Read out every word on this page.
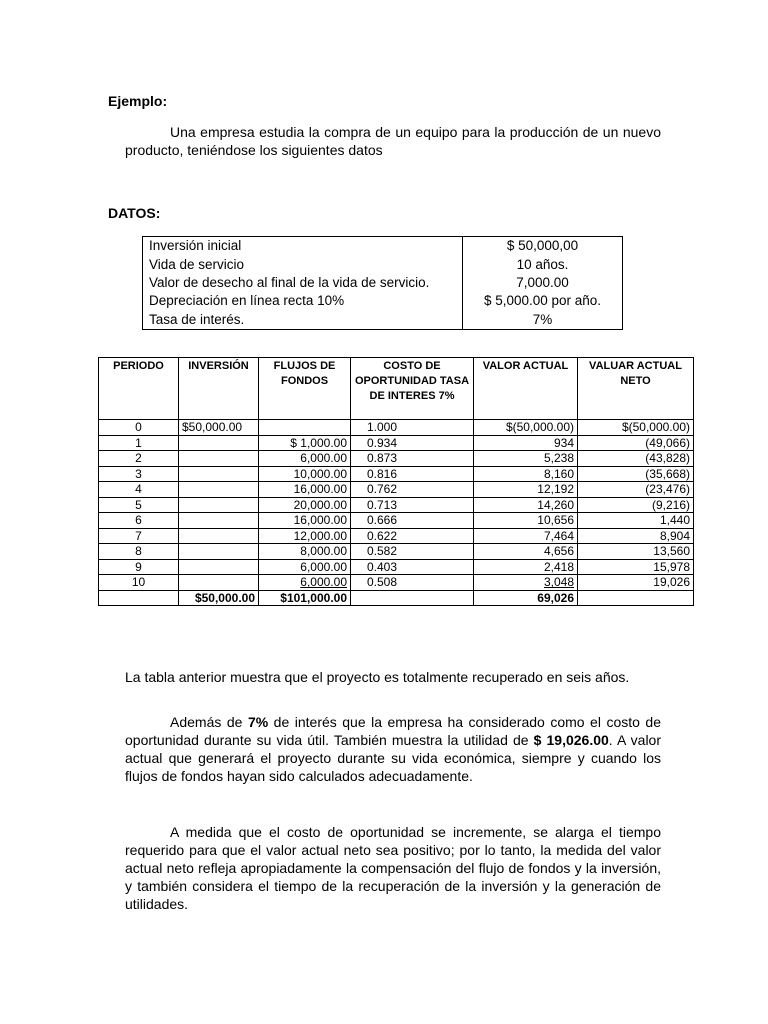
Ejemplo:

Una empresa estudia la compra de un equipo para la producción de un nuevo producto, teniéndose los siguientes datos

DATOS:
Inversión inicial	$ 50,000,00
Vida de servicio	10 años.
Valor de desecho al final de la vida de servicio.	7,000.00
Depreciación en línea recta 10%	$ 5,000.00 por año.
Tasa de interés.	7%
PERIODO	INVERSIÓN	FLUJOS DE FONDOS	COSTO DE OPORTUNIDAD TASA DE INTERES 7%	VALOR ACTUAL	VALUAR ACTUAL NETO
0	$50,000.00		1.000	$(50,000.00)	$(50,000.00)
1		$ 1,000.00	0.934	934	(49,066)
2		6,000.00	0.873	5,238	(43,828)
3		10,000.00	0.816	8,160	(35,668)
4		16,000.00	0.762	12,192	(23,476)
5		20,000.00	0.713	14,260	(9,216)
6		16,000.00	0.666	10,656	1,440
7		12,000.00	0.622	7,464	8,904
8		8,000.00	0.582	4,656	13,560
9		6,000.00	0.403	2,418	15,978
10		6,000.00	0.508	3,048	19,026
	$50,000.00	$101,000.00		69,026	

La tabla anterior muestra que el proyecto es totalmente recuperado en seis años.

Además de 7% de interés que la empresa ha considerado como el costo de oportunidad durante su vida útil. También muestra la utilidad de $ 19,026.00. A valor actual que generará el proyecto durante su vida económica, siempre y cuando los flujos de fondos hayan sido calculados adecuadamente.

A medida que el costo de oportunidad se incremente, se alarga el tiempo requerido para que el valor actual neto sea positivo; por lo tanto, la medida del valor actual neto refleja apropiadamente la compensación del flujo de fondos y la inversión, y también considera el tiempo de la recuperación de la inversión y la generación de utilidades.
